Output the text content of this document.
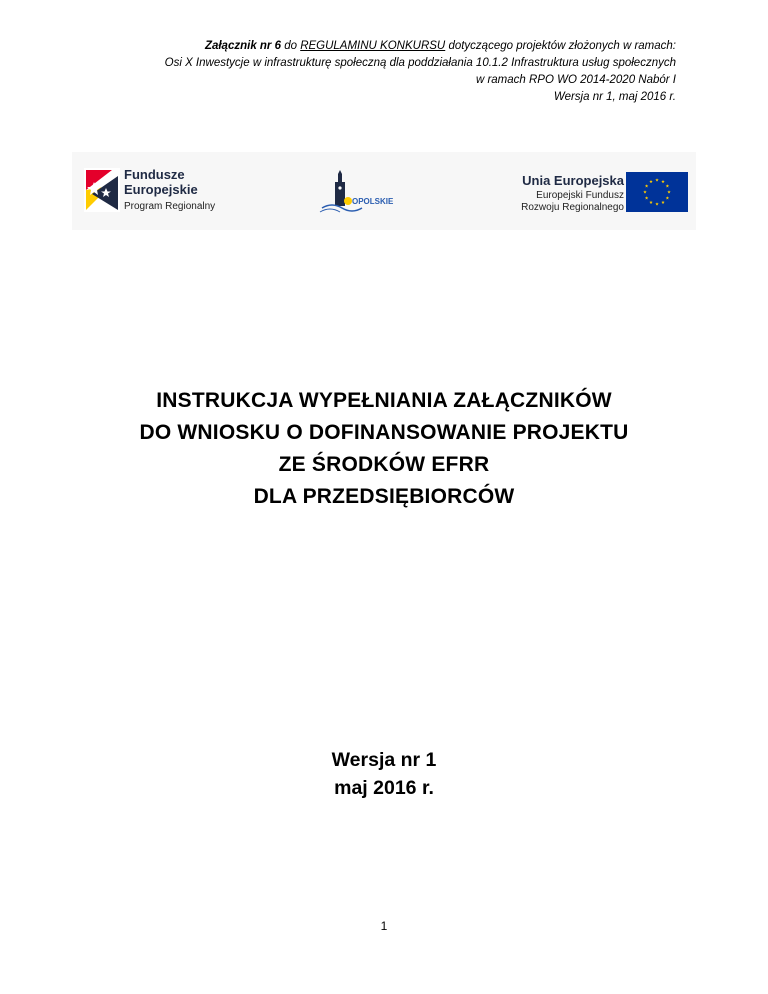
Załącznik nr 6 do REGULAMINU KONKURSU dotyczącego projektów złożonych w ramach:
Osi X Inwestycje w infrastrukturę społeczną dla poddziałania 10.1.2 Infrastruktura usług społecznych
w ramach RPO WO 2014-2020 Nabór I
Wersja nr 1, maj 2016 r.
Fundusze
Europejskie
Program Regionalny	OPOLSKIE
Unia Europejska
Europejski Fundusz
Rozwoju Regionalnego
INSTRUKCJA WYPEŁNIANIA ZAŁĄCZNIKÓW
DO WNIOSKU O DOFINANSOWANIE PROJEKTU
ZE ŚRODKÓW EFRR
DLA PRZEDSIĘBIORCÓW
Wersja nr 1
maj 2016 r.
1
